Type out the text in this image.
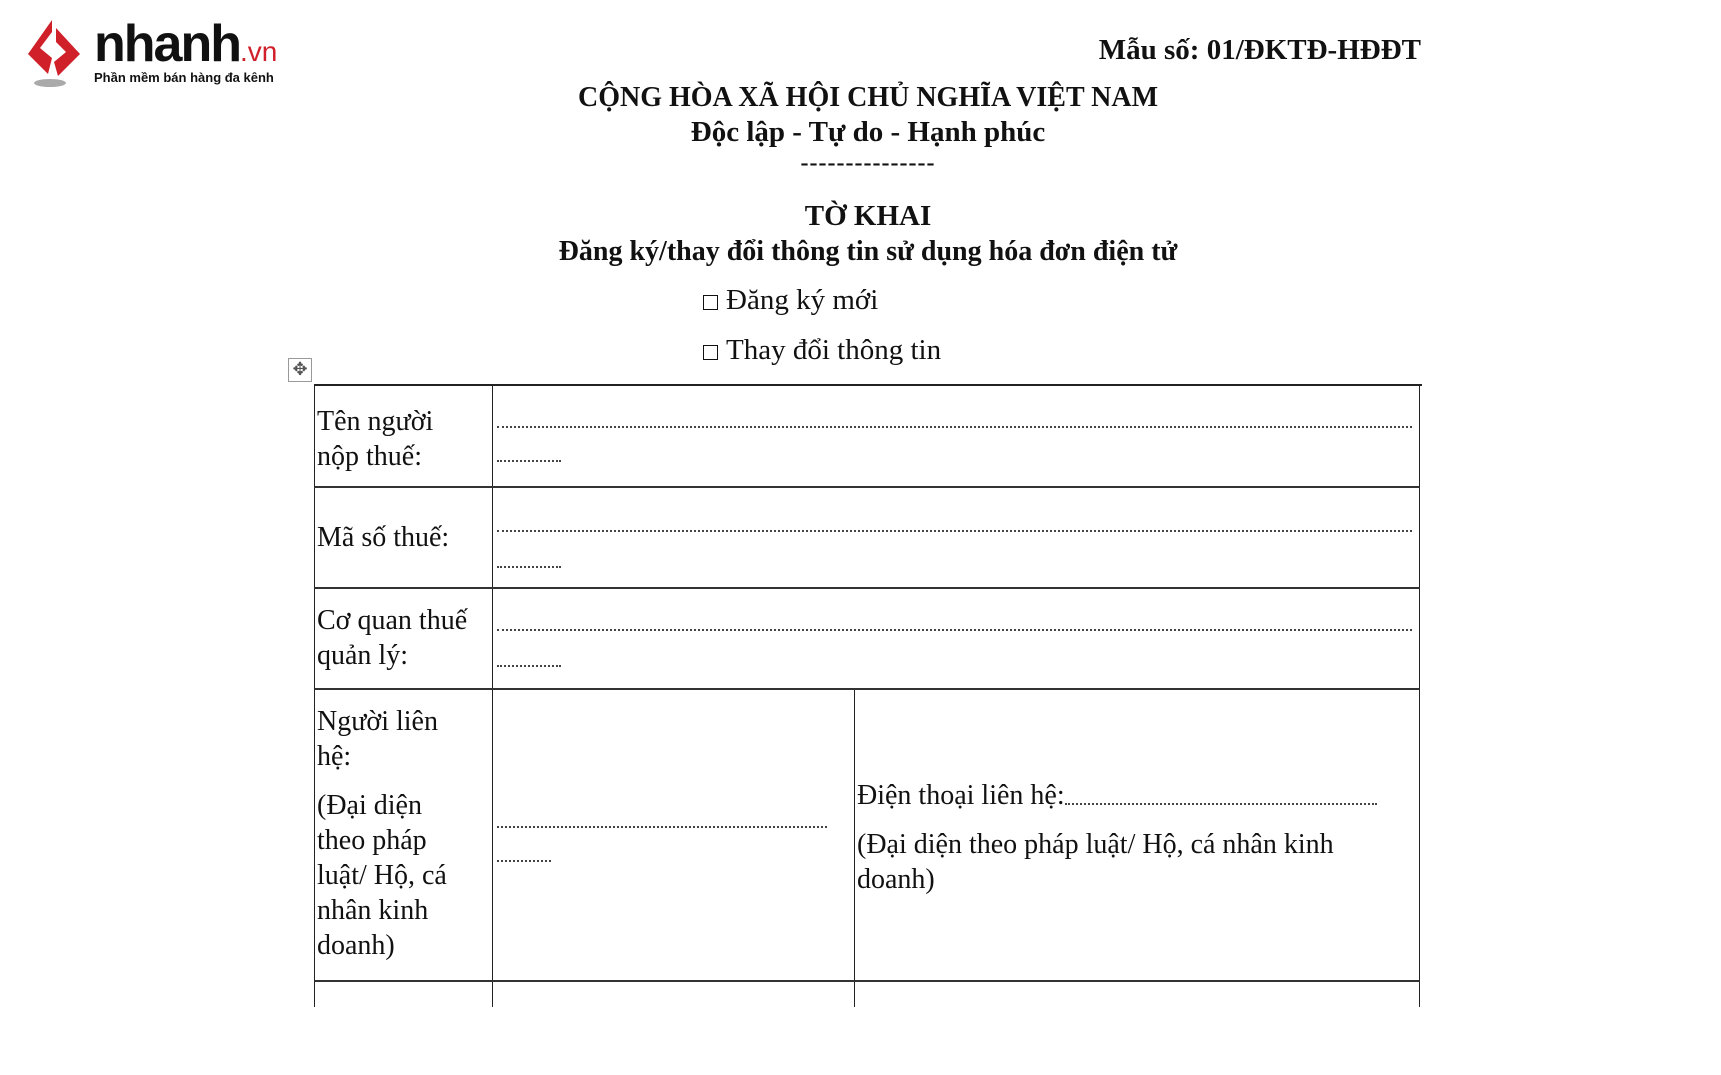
nhanh.vn
Phần mềm bán hàng đa kênh
Mẫu số: 01/ĐKTĐ-HĐĐT
CỘNG HÒA XÃ HỘI CHỦ NGHĨA VIỆT NAM
Độc lập - Tự do - Hạnh phúc
---------------
TỜ KHAI
Đăng ký/thay đổi thông tin sử dụng hóa đơn điện tử
Đăng ký mới
Thay đổi thông tin
✥
Tên người
nộp thuế:
Mã số thuế:
Cơ quan thuế
quản lý:
Người liên
hệ:
(Đại diện
theo pháp
luật/ Hộ, cá
nhân kinh
doanh)
Điện thoại liên hệ:
(Đại diện theo pháp luật/ Hộ, cá nhân kinh
doanh)
